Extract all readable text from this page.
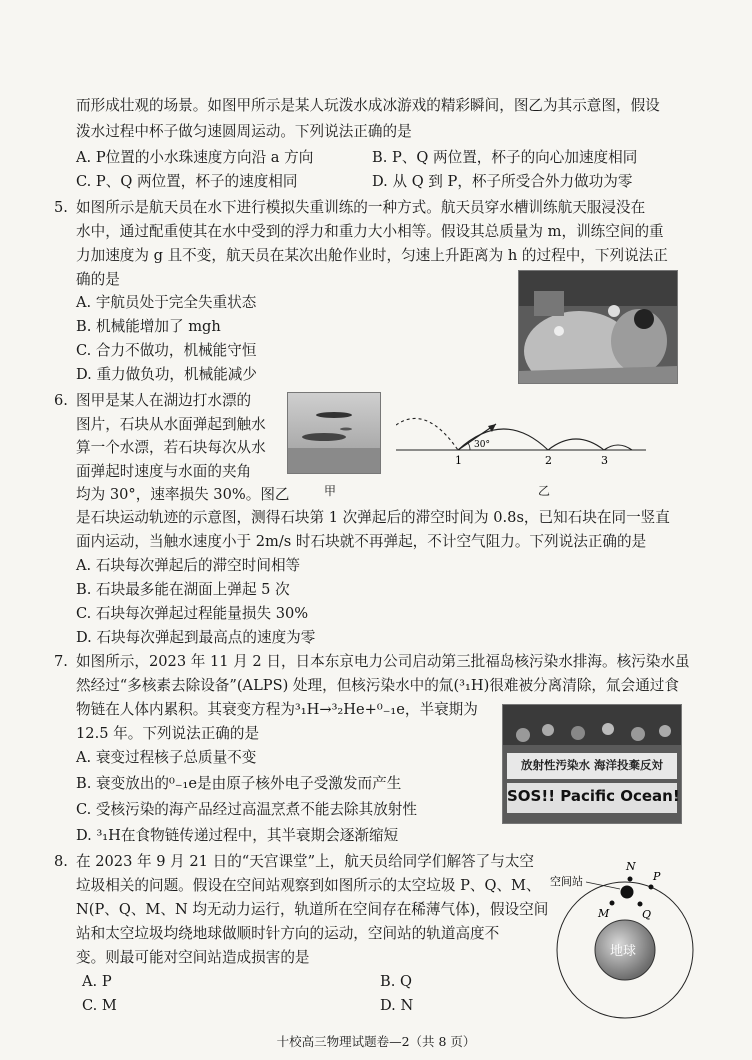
而形成壮观的场景。如图甲所示是某人玩泼水成冰游戏的精彩瞬间，图乙为其示意图，假设
泼水过程中杯子做匀速圆周运动。下列说法正确的是
A. P位置的小水珠速度方向沿 a 方向	B. P、Q 两位置，杯子的向心加速度相同
C. P、Q 两位置，杯子的速度相同	D. 从 Q 到 P，杯子所受合外力做功为零
5. 如图所示是航天员在水下进行模拟失重训练的一种方式。航天员穿水槽训练航天服浸没在
水中，通过配重使其在水中受到的浮力和重力大小相等。假设其总质量为 m，训练空间的重
力加速度为 g 且不变，航天员在某次出舱作业时，匀速上升距离为 h 的过程中，下列说法正
确的是
A. 宇航员处于完全失重状态
B. 机械能增加了 mgh
C. 合力不做功，机械能守恒
D. 重力做负功，机械能减少
6. 图甲是某人在湖边打水漂的
图片，石块从水面弹起到触水
算一个水漂，若石块每次从水
面弹起时速度与水面的夹角
均为 30°，速率损失 30%。图乙	甲
30°
1	2	3
乙
是石块运动轨迹的示意图，测得石块第 1 次弹起后的滞空时间为 0.8s，已知石块在同一竖直
面内运动，当触水速度小于 2m/s 时石块就不再弹起，不计空气阻力。下列说法正确的是
A. 石块每次弹起后的滞空时间相等
B. 石块最多能在湖面上弹起 5 次
C. 石块每次弹起过程能量损失 30%
D. 石块每次弹起到最高点的速度为零
7. 如图所示，2023 年 11 月 2 日，日本东京电力公司启动第三批福岛核污染水排海。核污染水虽
然经过“多核素去除设备”(ALPS) 处理，但核污染水中的氚(³₁H)很难被分离清除，氚会通过食
物链在人体内累积。其衰变方程为³₁H→³₂He+⁰₋₁e，半衰期为
12.5 年。下列说法正确的是
A. 衰变过程核子总质量不变
B. 衰变放出的⁰₋₁e是由原子核外电子受激发而产生
C. 受核污染的海产品经过高温烹煮不能去除其放射性
D. ³₁H在食物链传递过程中，其半衰期会逐渐缩短
放射性汚染水 海洋投棄反対
SOS!! Pacific Ocean!
8. 在 2023 年 9 月 21 日的“天宫课堂”上，航天员给同学们解答了与太空
垃圾相关的问题。假设在空间站观察到如图所示的太空垃圾 P、Q、M、
N(P、Q、M、N 均无动力运行，轨道所在空间存在稀薄气体)，假设空间
站和太空垃圾均绕地球做顺时针方向的运动，空间站的轨道高度不
变。则最可能对空间站造成损害的是
A. P	B. Q
C. M	D. N
地球
空间站
N
P
M	Q
十校高三物理试题卷—2（共 8 页）
